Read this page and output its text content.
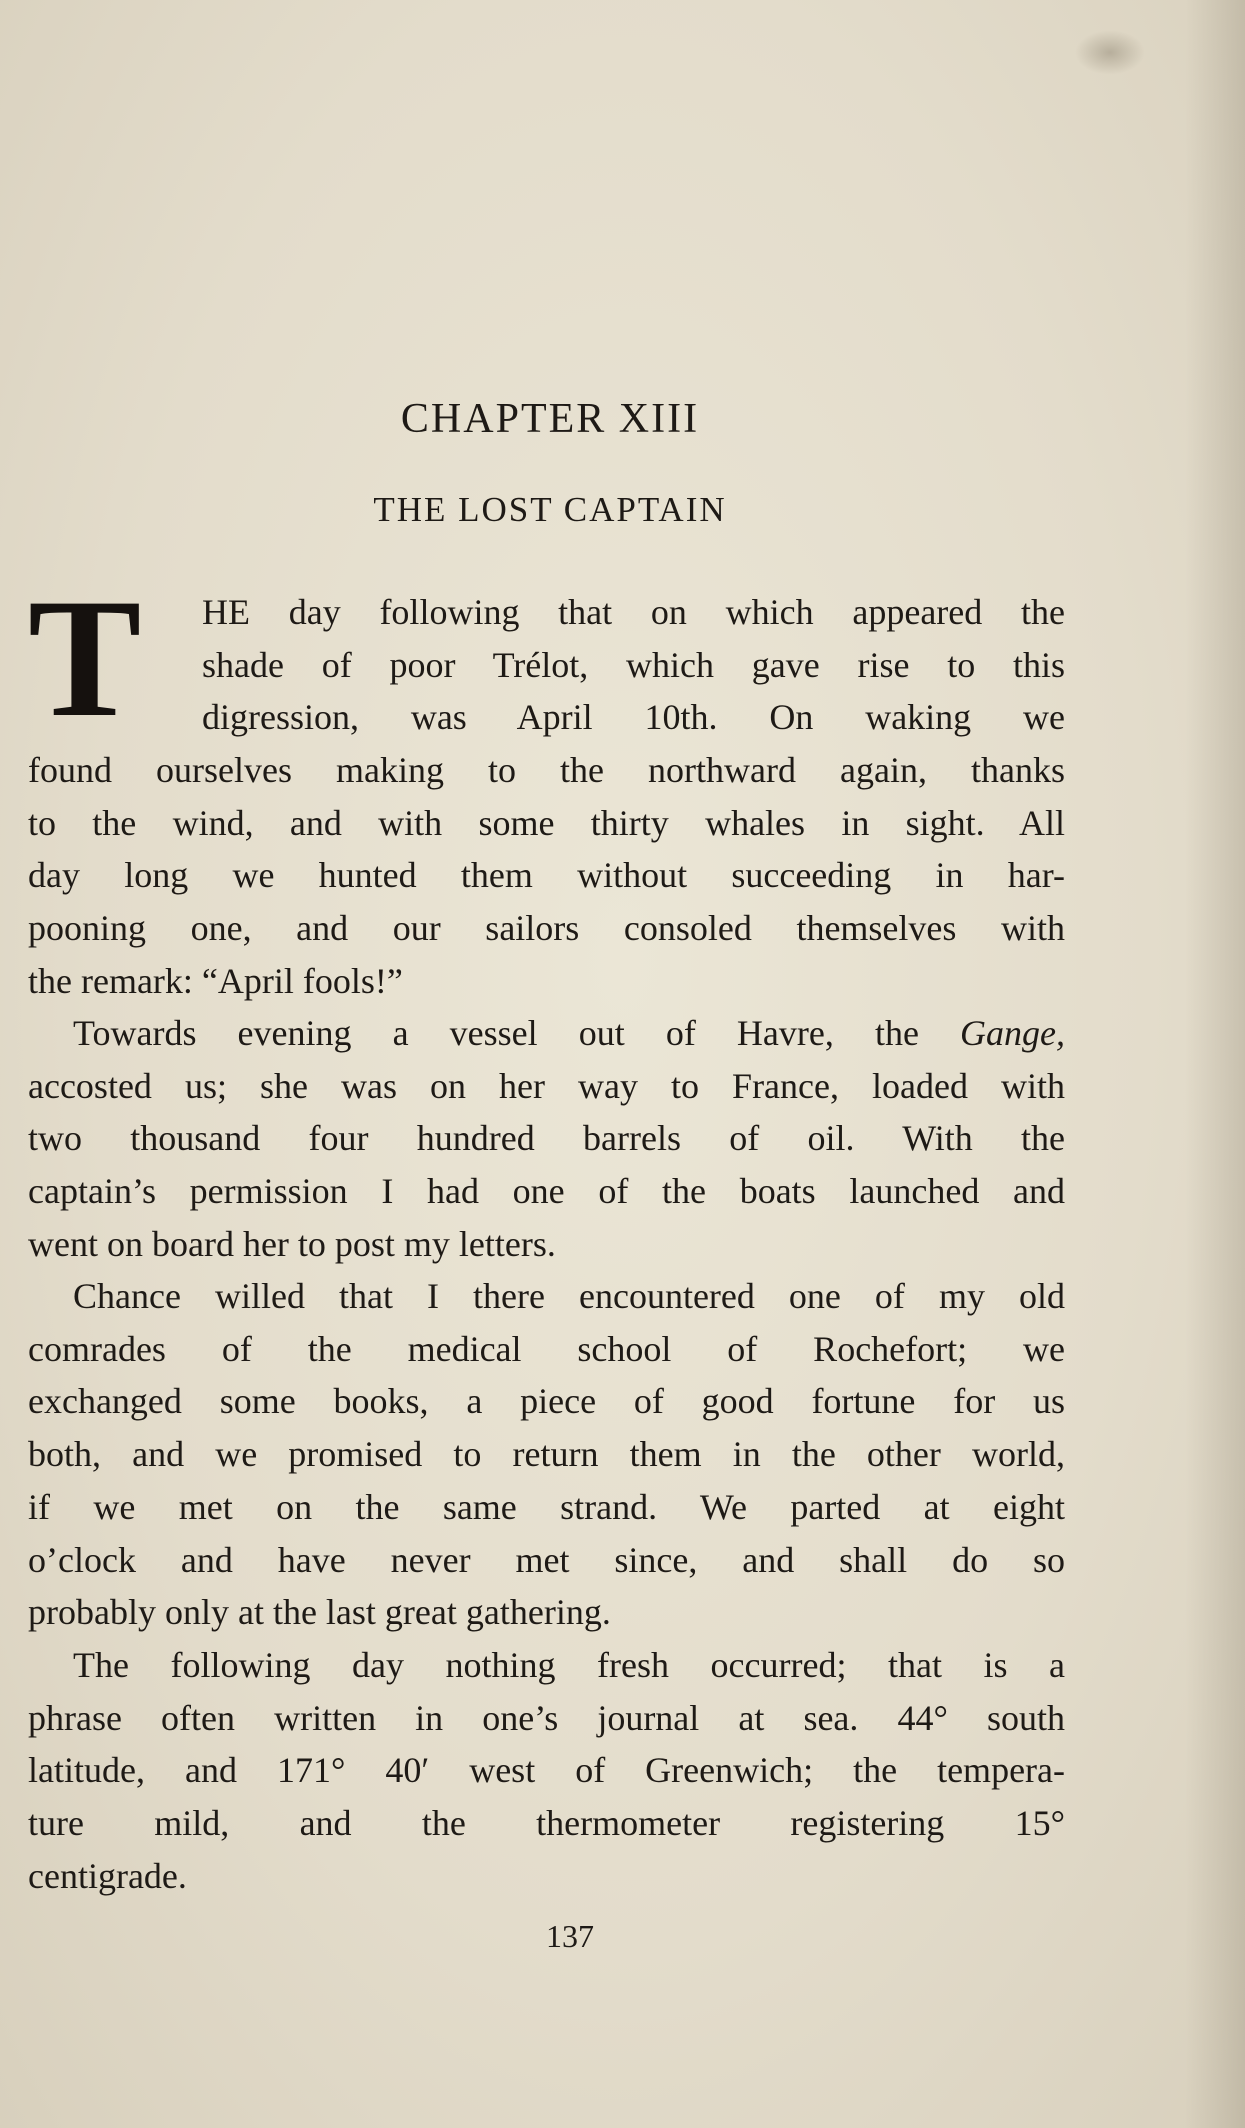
CHAPTER XIII
THE LOST CAPTAIN
T HE day following that on which appeared the
shade of poor Trélot, which gave rise to this
digression, was April 10th. On waking we
found ourselves making to the northward again, thanks
to the wind, and with some thirty whales in sight. All
day long we hunted them without succeeding in har-
pooning one, and our sailors consoled themselves with
the remark: “April fools!”
Towards evening a vessel out of Havre, the Gange,
accosted us; she was on her way to France, loaded with
two thousand four hundred barrels of oil. With the
captain’s permission I had one of the boats launched and
went on board her to post my letters.
Chance willed that I there encountered one of my old
comrades of the medical school of Rochefort; we
exchanged some books, a piece of good fortune for us
both, and we promised to return them in the other world,
if we met on the same strand. We parted at eight
o’clock and have never met since, and shall do so
probably only at the last great gathering.
The following day nothing fresh occurred; that is a
phrase often written in one’s journal at sea. 44° south
latitude, and 171° 40′ west of Greenwich; the tempera-
ture mild, and the thermometer registering 15°
centigrade.
137
